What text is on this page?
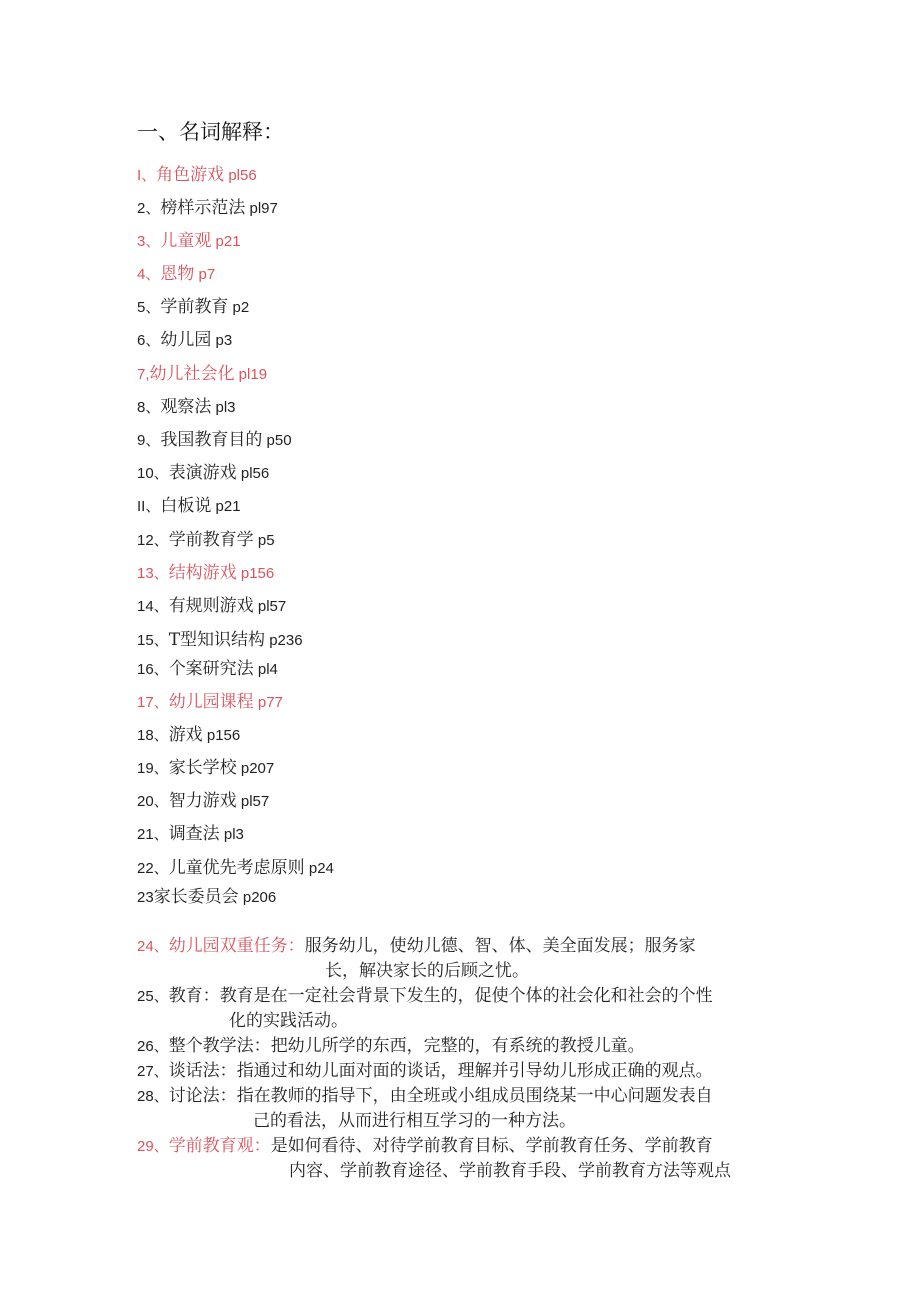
一、名词解释：
I、角色游戏 pl56
2、榜样示范法 pl97
3、儿童观 p21
4、恩物 p7
5、学前教育 p2
6、幼儿园 p3
7,幼儿社会化 pl19
8、观察法 pl3
9、我国教育目的 p50
10、表演游戏 pl56
II、白板说 p21
12、学前教育学 p5
13、结构游戏 p156
14、有规则游戏 pl57
15、T型知识结构 p236
16、个案研究法 pl4
17、幼儿园课程 p77
18、游戏 p156
19、家长学校 p207
20、智力游戏 pl57
21、调查法 pl3
22、儿童优先考虑原则 p24
23家长委员会 p206
24、幼儿园双重任务：服务幼儿，使幼儿德、智、体、美全面发展；服务家
长，解决家长的后顾之忧。
25、教育：教育是在一定社会背景下发生的，促使个体的社会化和社会的个性
化的实践活动。
26、整个教学法：把幼儿所学的东西，完整的，有系统的教授儿童。
27、谈话法：指通过和幼儿面对面的谈话，理解并引导幼儿形成正确的观点。
28、讨论法：指在教师的指导下，由全班或小组成员围绕某一中心问题发表自
己的看法，从而进行相互学习的一种方法。
29、学前教育观：是如何看待、对待学前教育目标、学前教育任务、学前教育
内容、学前教育途径、学前教育手段、学前教育方法等观点
